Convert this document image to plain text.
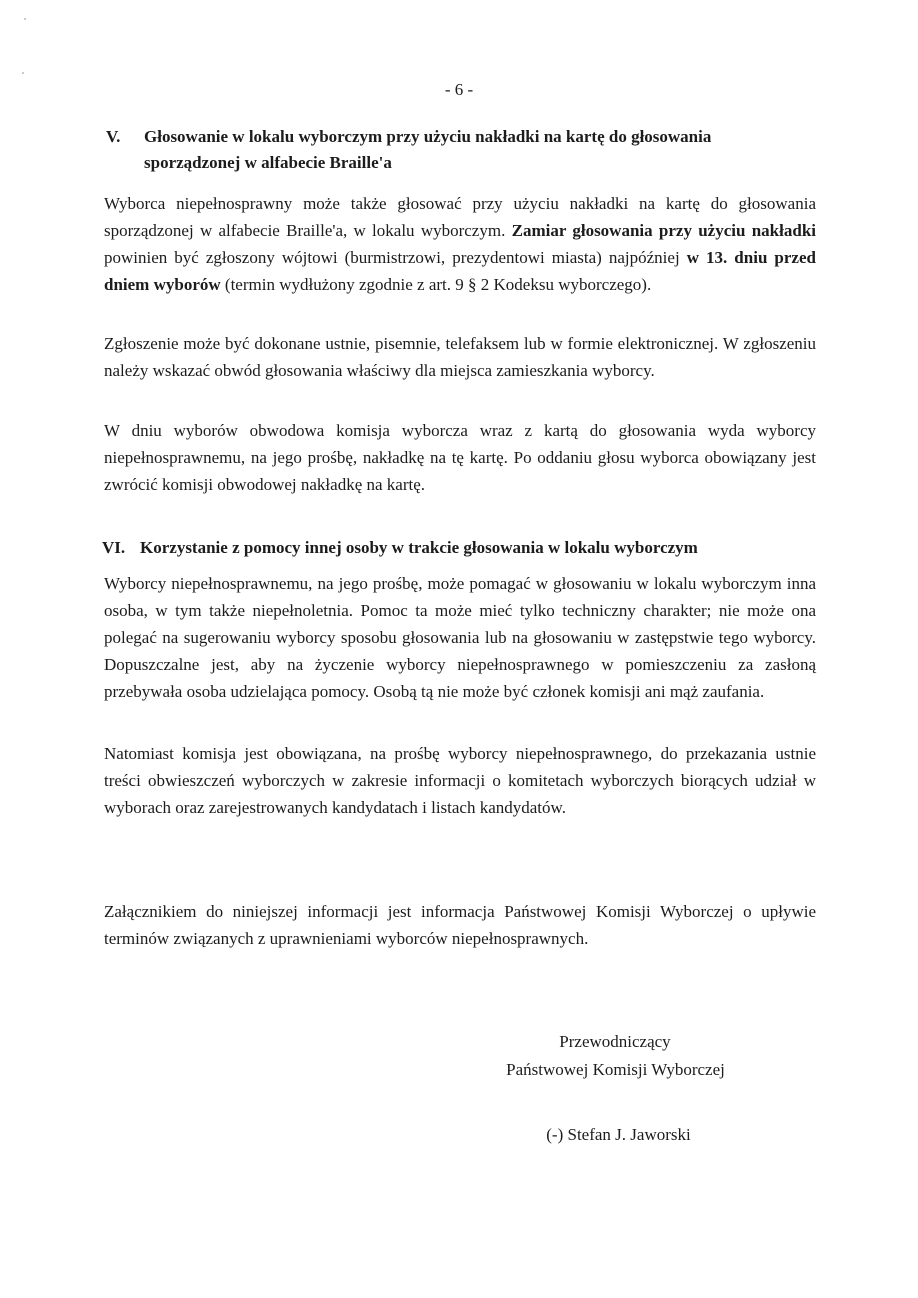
- 6 -
V. Głosowanie w lokalu wyborczym przy użyciu nakładki na kartę do głosowania
sporządzonej w alfabecie Braille'a

Wyborca niepełnosprawny może także głosować przy użyciu nakładki na kartę do głosowania sporządzonej w alfabecie Braille'a, w lokalu wyborczym. Zamiar głosowania przy użyciu nakładki powinien być zgłoszony wójtowi (burmistrzowi, prezydentowi miasta) najpóźniej w 13. dniu przed dniem wyborów (termin wydłużony zgodnie z art. 9 § 2 Kodeksu wyborczego).

Zgłoszenie może być dokonane ustnie, pisemnie, telefaksem lub w formie elektronicznej. W zgłoszeniu należy wskazać obwód głosowania właściwy dla miejsca zamieszkania wyborcy.

W dniu wyborów obwodowa komisja wyborcza wraz z kartą do głosowania wyda wyborcy niepełnosprawnemu, na jego prośbę, nakładkę na tę kartę. Po oddaniu głosu wyborca obowiązany jest zwrócić komisji obwodowej nakładkę na kartę.

VI. Korzystanie z pomocy innej osoby w trakcie głosowania w lokalu wyborczym

Wyborcy niepełnosprawnemu, na jego prośbę, może pomagać w głosowaniu w lokalu wyborczym inna osoba, w tym także niepełnoletnia. Pomoc ta może mieć tylko techniczny charakter; nie może ona polegać na sugerowaniu wyborcy sposobu głosowania lub na głosowaniu w zastępstwie tego wyborcy. Dopuszczalne jest, aby na życzenie wyborcy niepełnosprawnego w pomieszczeniu za zasłoną przebywała osoba udzielająca pomocy. Osobą tą nie może być członek komisji ani mąż zaufania.

Natomiast komisja jest obowiązana, na prośbę wyborcy niepełnosprawnego, do przekazania ustnie treści obwieszczeń wyborczych w zakresie informacji o komitetach wyborczych biorących udział w wyborach oraz zarejestrowanych kandydatach i listach kandydatów.

Załącznikiem do niniejszej informacji jest informacja Państwowej Komisji Wyborczej o upływie terminów związanych z uprawnieniami wyborców niepełnosprawnych.

Przewodniczący
Państwowej Komisji Wyborczej
(-) Stefan J. Jaworski
